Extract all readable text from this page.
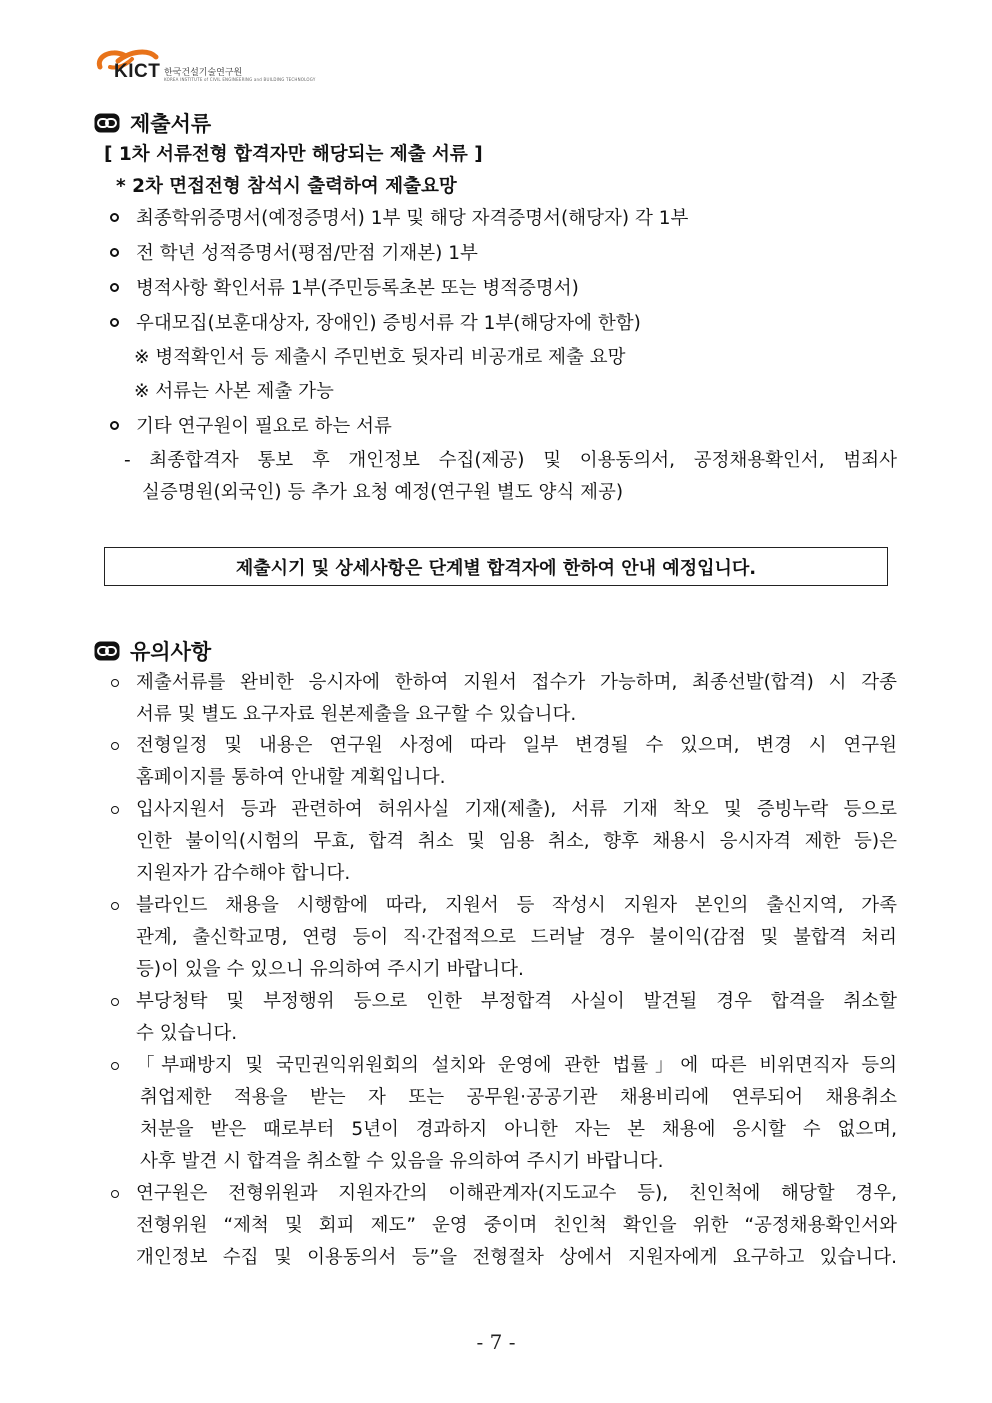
KICT 한국건설기술연구원
KOREA INSTITUTE of CIVIL ENGINEERING and BUILDING TECHNOLOGY
제출서류
[ 1차 서류전형 합격자만 해당되는 제출 서류 ]
* 2차 면접전형 참석시 출력하여 제출요망
최종학위증명서(예정증명서) 1부 및 해당 자격증명서(해당자) 각 1부
전 학년 성적증명서(평점/만점 기재본) 1부
병적사항 확인서류 1부(주민등록초본 또는 병적증명서)
우대모집(보훈대상자, 장애인) 증빙서류 각 1부(해당자에 한함)
※ 병적확인서 등 제출시 주민번호 뒷자리 비공개로 제출 요망
※ 서류는 사본 제출 가능
기타 연구원이 필요로 하는 서류
- 최종합격자 통보 후 개인정보 수집(제공) 및 이용동의서, 공정채용확인서, 범죄사
실증명원(외국인) 등 추가 요청 예정(연구원 별도 양식 제공)
제출시기 및 상세사항은 단계별 합격자에 한하여 안내 예정입니다.
유의사항
제출서류를 완비한 응시자에 한하여 지원서 접수가 가능하며, 최종선발(합격) 시 각종
서류 및 별도 요구자료 원본제출을 요구할 수 있습니다.
전형일정 및 내용은 연구원 사정에 따라 일부 변경될 수 있으며, 변경 시 연구원
홈페이지를 통하여 안내할 계획입니다.
입사지원서 등과 관련하여 허위사실 기재(제출), 서류 기재 착오 및 증빙누락 등으로
인한 불이익(시험의 무효, 합격 취소 및 임용 취소, 향후 채용시 응시자격 제한 등)은
지원자가 감수해야 합니다.
블라인드 채용을 시행함에 따라, 지원서 등 작성시 지원자 본인의 출신지역, 가족
관계, 출신학교명, 연령 등이 직·간접적으로 드러날 경우 불이익(감점 및 불합격 처리
등)이 있을 수 있으니 유의하여 주시기 바랍니다.
부당청탁 및 부정행위 등으로 인한 부정합격 사실이 발견될 경우 합격을 취소할
수 있습니다.
「부패방지 및 국민권익위원회의 설치와 운영에 관한 법률」에 따른 비위면직자 등의
취업제한 적용을 받는 자 또는 공무원·공공기관 채용비리에 연루되어 채용취소
처분을 받은 때로부터 5년이 경과하지 아니한 자는 본 채용에 응시할 수 없으며,
사후 발견 시 합격을 취소할 수 있음을 유의하여 주시기 바랍니다.
연구원은 전형위원과 지원자간의 이해관계자(지도교수 등), 친인척에 해당할 경우,
전형위원 “제척 및 회피 제도” 운영 중이며 친인척 확인을 위한 “공정채용확인서와
개인정보 수집 및 이용동의서 등”을 전형절차 상에서 지원자에게 요구하고 있습니다.
- 7 -
